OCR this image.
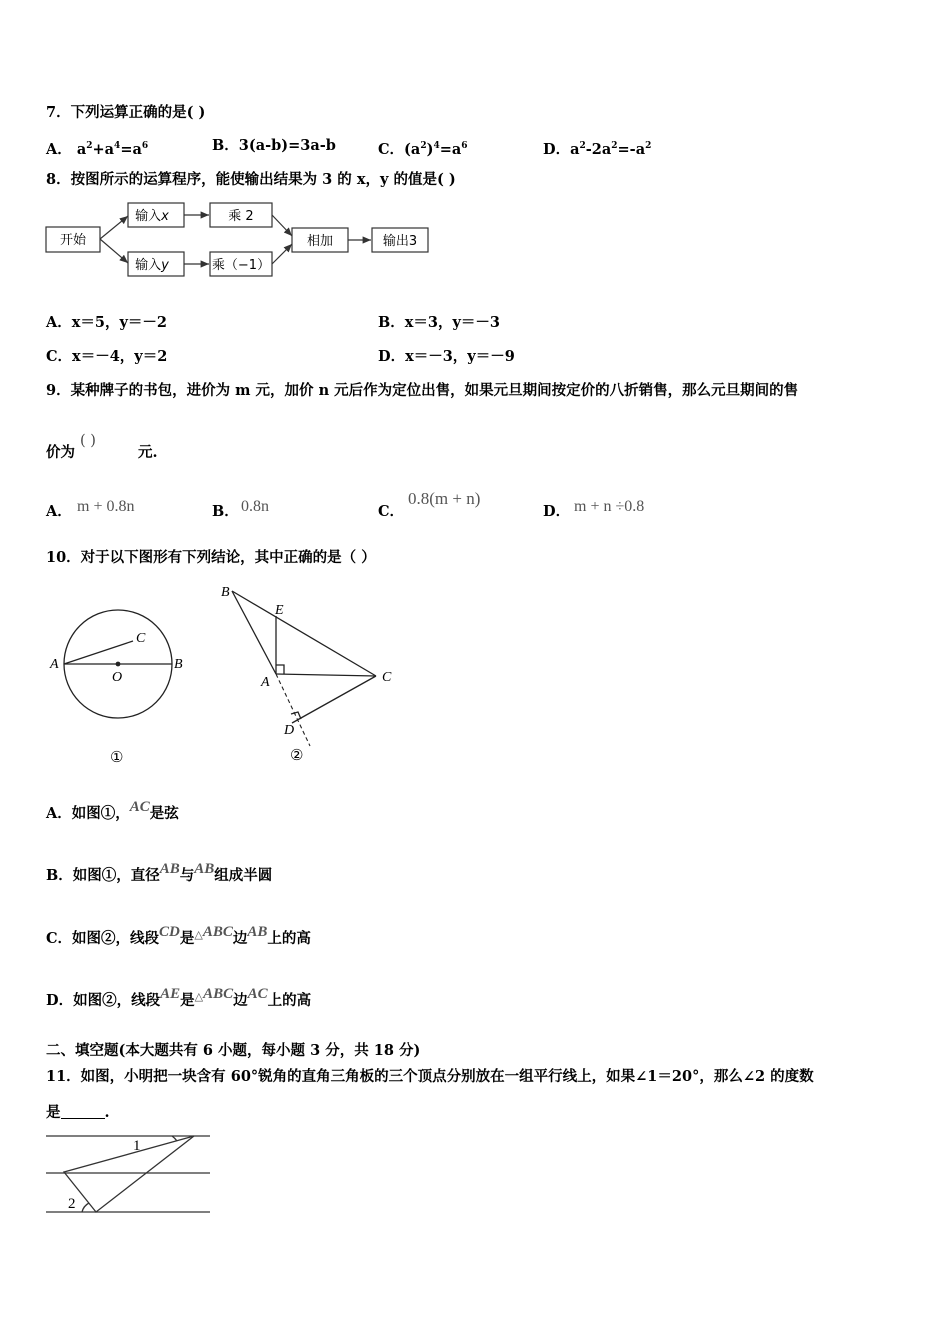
7．下列运算正确的是( )
A． $a^2+a^4=a^6$	B．3(a-b)=3a-b	C．$(a^2)^4=a^6$	D．$a^2-2a^2=-a^2$
8．按图所示的运算程序，能使输出结果为 3 的 x，y 的值是( )
开始
输入x	乘 2
输入y	乘（−1）
相加	输出3
A．x＝5，y＝－2	B．x＝3，y＝－3
C．x＝－4，y＝2	D．x＝－3，y＝－9
9．某种牌子的书包，进价为 m 元，加价 n 元后作为定位出售，如果元旦期间按定价的八折销售，那么元旦期间的售
价为
( )
元.
A． m + 0.8n	B． 0.8n	C．
0.8(m + n)
D． m + n ÷0.8
10．对于以下图形有下列结论，其中正确的是（ ）
A	B
C
O
①
B
E
A	C
D
②
A．如图①，AC是弦
B．如图①，直径AB与AB组成半圆
C．如图②，线段CD是△ABC边AB上的高
D．如图②，线段AE是△ABC边AC上的高
二、填空题(本大题共有 6 小题，每小题 3 分，共 18 分)
11．如图，小明把一块含有 60°锐角的直角三角板的三个顶点分别放在一组平行线上，如果∠1＝20°，那么∠2 的度数
是	.
1
2
